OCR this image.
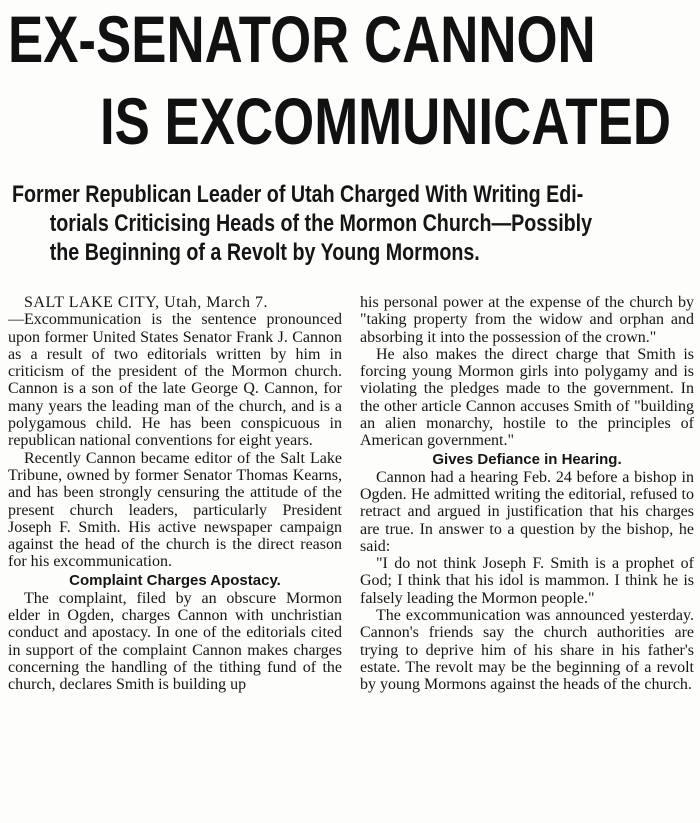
EX-SENATOR CANNON
IS EXCOMMUNICATED
Former Republican Leader of Utah Charged With Writing Edi-
torials Criticising Heads of the Mormon Church—Possibly
the Beginning of a Revolt by Young Mormons.

SALT LAKE CITY, Utah, March 7.

—Excommunication is the sentence pronounced upon former United States Senator Frank J. Cannon as a result of two editorials written by him in criticism of the president of the Mormon church. Cannon is a son of the late George Q. Cannon, for many years the leading man of the church, and is a polygamous child. He has been conspicuous in republican national conventions for eight years.

Recently Cannon became editor of the Salt Lake Tribune, owned by former Senator Thomas Kearns, and has been strongly censuring the attitude of the present church leaders, particularly President Joseph F. Smith. His active newspaper campaign against the head of the church is the direct reason for his excommunication.

Complaint Charges Apostacy.

The complaint, filed by an obscure Mormon elder in Ogden, charges Cannon with unchristian conduct and apostacy. In one of the editorials cited in support of the complaint Cannon makes charges concerning the handling of the tithing fund of the church, declares Smith is building up

his personal power at the expense of the church by "taking property from the widow and orphan and absorbing it into the possession of the crown."

He also makes the direct charge that Smith is forcing young Mormon girls into polygamy and is violating the pledges made to the government. In the other article Cannon accuses Smith of "building an alien monarchy, hostile to the principles of American government."

Gives Defiance in Hearing.

Cannon had a hearing Feb. 24 before a bishop in Ogden. He admitted writing the editorial, refused to retract and argued in justification that his charges are true. In answer to a question by the bishop, he said:

"I do not think Joseph F. Smith is a prophet of God; I think that his idol is mammon. I think he is falsely leading the Mormon people."

The excommunication was announced yesterday. Cannon's friends say the church authorities are trying to deprive him of his share in his father's estate. The revolt may be the beginning of a revolt by young Mormons against the heads of the church.
